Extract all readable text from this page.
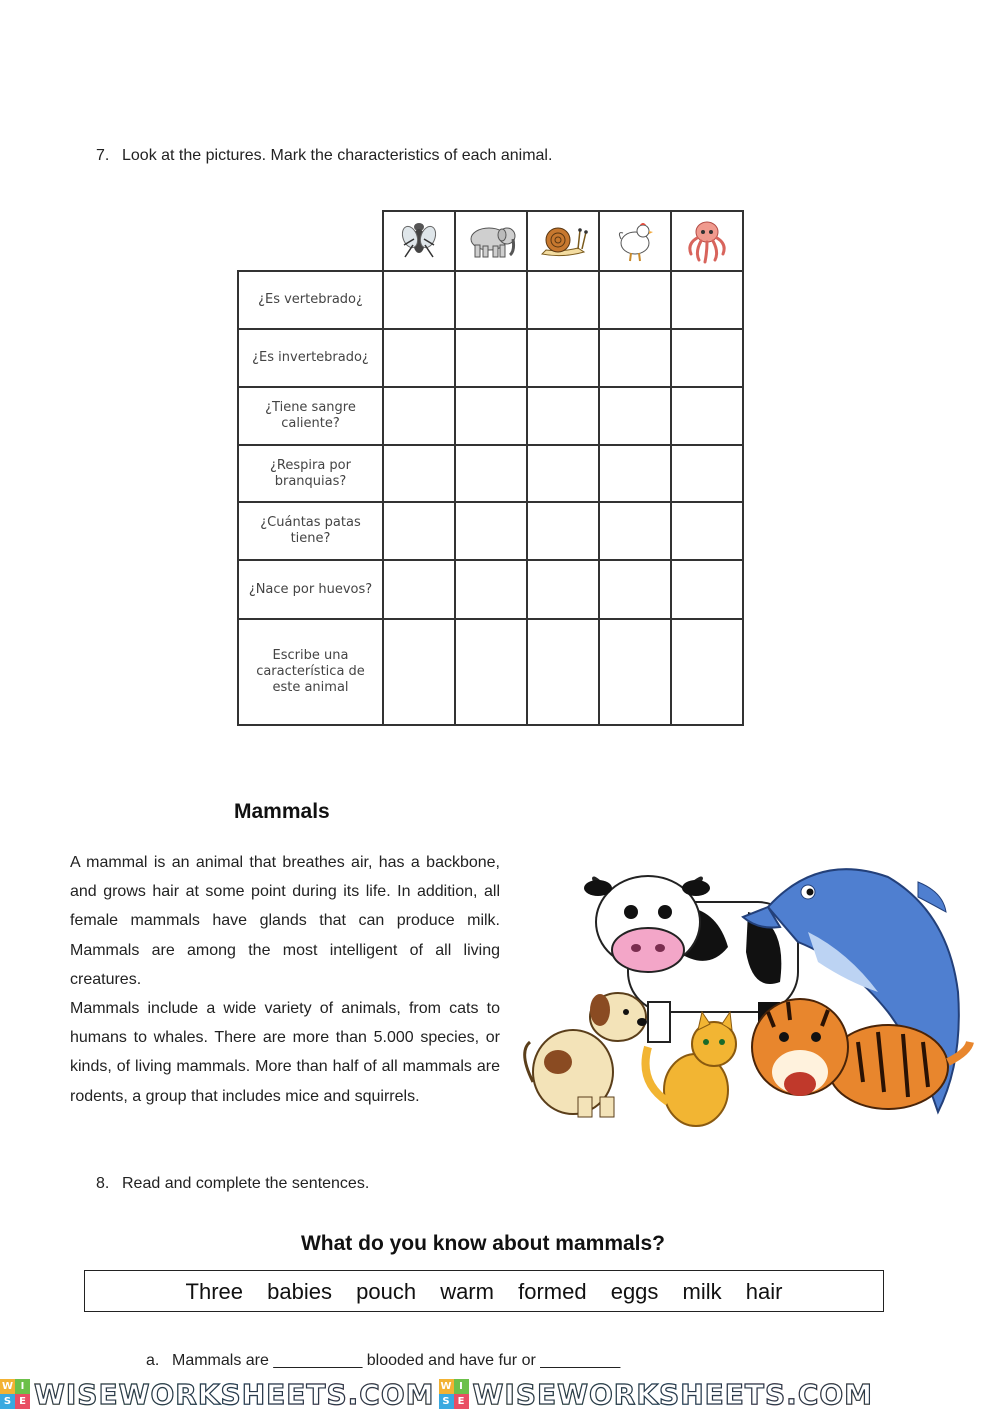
7. Look at the pictures. Mark the characteristics of each animal.

¿Es vertebrado¿					
¿Es invertebrado¿					
¿Tiene sangre caliente?					
¿Respira por branquias?					
¿Cuántas patas tiene?					
¿Nace por huevos?					
Escribe una característica de este animal					
Mammals

A mammal is an animal that breathes air, has a backbone, and grows hair at some point during its life. In addition, all female mammals have glands that can produce milk. Mammals are among the most intelligent of all living creatures.

Mammals include a wide variety of animals, from cats to humans to whales. There are more than 5.000 species, or kinds, of living mammals. More than half of all mammals are rodents, a group that includes mice and squirrels.

8. Read and complete the sentences.
What do you know about mammals?
Three babies pouch warm formed eggs milk hair
a. Mammals are __________ blooded and have fur or _________
W I
S E WISEWORKSHEETS.COM W I
S E WISEWORKSHEETS.COM
